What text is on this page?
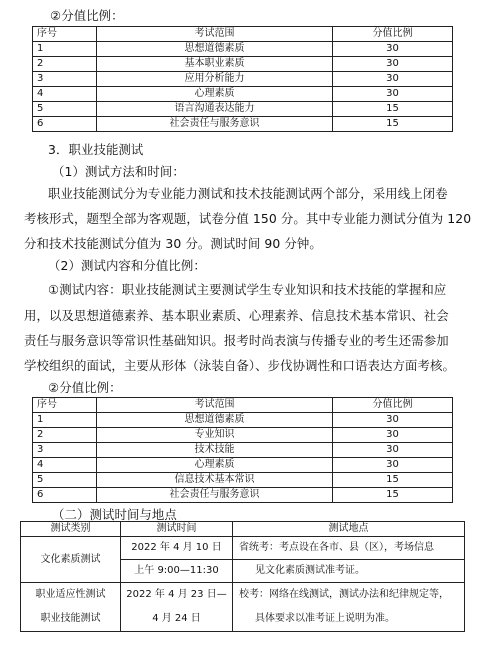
②分值比例：
序号	考试范围	分值比例
1	思想道德素质	30
2	基本职业素质	30
3	应用分析能力	30
4	心理素质	30
5	语言沟通表达能力	15
6	社会责任与服务意识	15
3．职业技能测试
（1）测试方法和时间：
职业技能测试分为专业能力测试和技术技能测试两个部分，采用线上闭卷
考核形式，题型全部为客观题，试卷分值 150 分。其中专业能力测试分值为 120
分和技术技能测试分值为 30 分。测试时间 90 分钟。
（2）测试内容和分值比例：
①测试内容：职业技能测试主要测试学生专业知识和技术技能的掌握和应
用，以及思想道德素养、基本职业素质、心理素养、信息技术基本常识、社会
责任与服务意识等常识性基础知识。报考时尚表演与传播专业的考生还需参加
学校组织的面试，主要从形体（泳装自备）、步伐协调性和口语表达方面考核。
②分值比例：
序号	考试范围	分值比例
1	思想道德素质	30
2	专业知识	30
3	技术技能	30
4	心理素质	30
5	信息技术基本常识	15
6	社会责任与服务意识	15
（二）测试时间与地点
测试类别	测试时间	测试地点
文化素质测试	2022 年 4 月 10 日	省统考：考点设在各市、县（区），考场信息
	上午 9:00—11:30	见文化素质测试准考证。
职业适应性测试	2022 年 4 月 23 日—	校考：网络在线测试，测试办法和纪律规定等，
职业技能测试	4 月 24 日	具体要求以准考证上说明为准。
